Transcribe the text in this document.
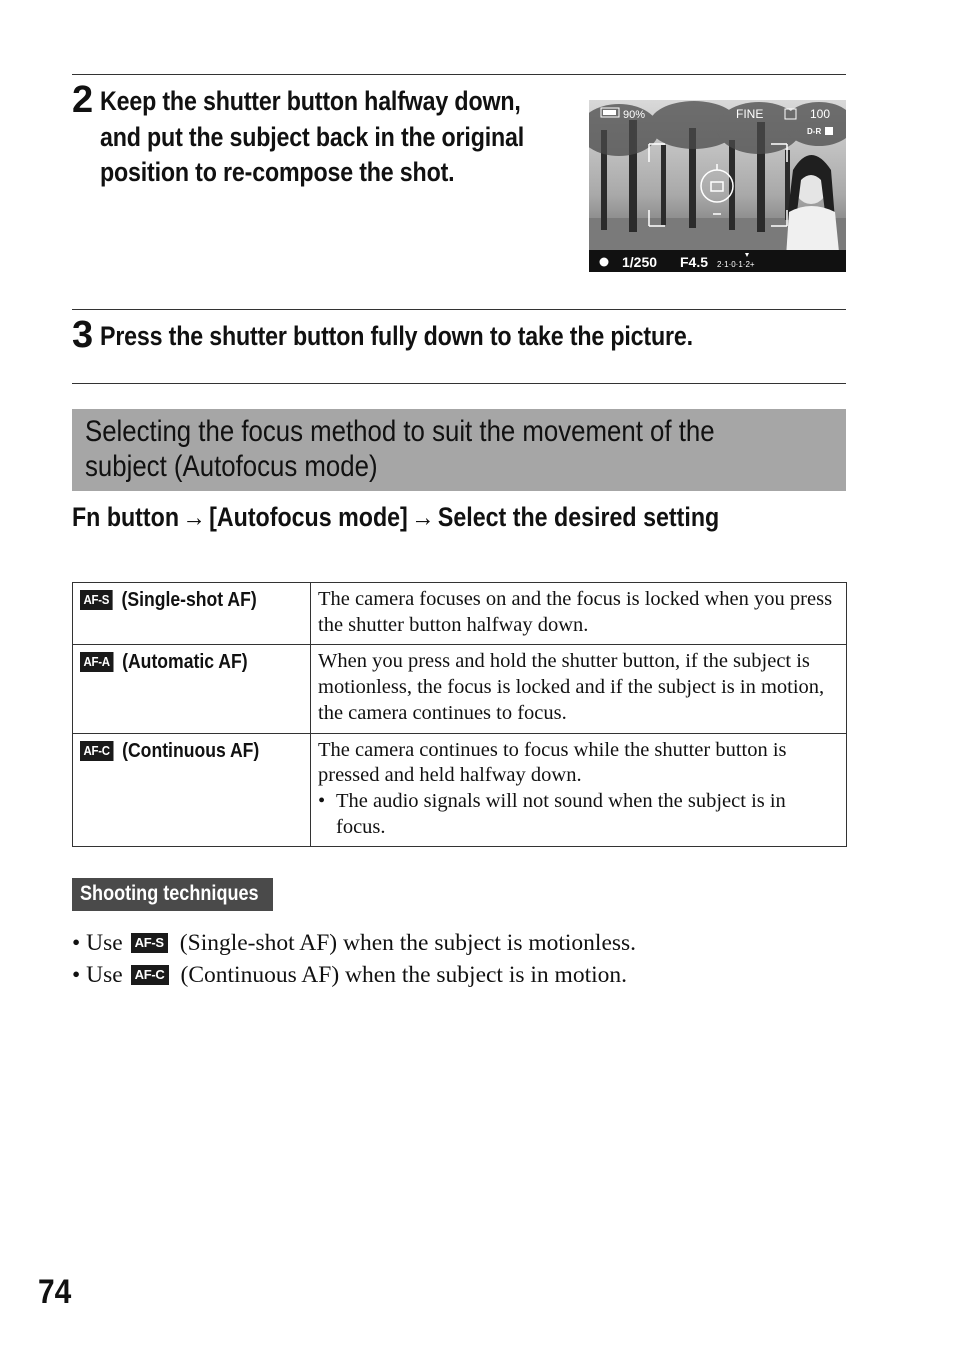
2 Keep the shutter button halfway down, and put the subject back in the original position to re-compose the shot.
90%	FINE	100
D-R
1/250 F4.5 2·1·0·1·2+
3 Press the shutter button fully down to take the picture.
Selecting the focus method to suit the movement of the subject (Autofocus mode)
Fn button → [Autofocus mode] → Select the desired setting
AF-S (Single-shot AF)	The camera focuses on and the focus is locked when you press the shutter button halfway down.

AF-A (Automatic AF)	When you press and hold the shutter button, if the subject is motionless, the focus is locked and if the subject is in motion, the camera continues to focus.

AF-C (Continuous AF)	The camera continues to focus while the shutter button is pressed and held halfway down.
• The audio signals will not sound when the subject is in focus.
Shooting techniques
• Use AF-S (Single-shot AF) when the subject is motionless.
• Use AF-C (Continuous AF) when the subject is in motion.
74
